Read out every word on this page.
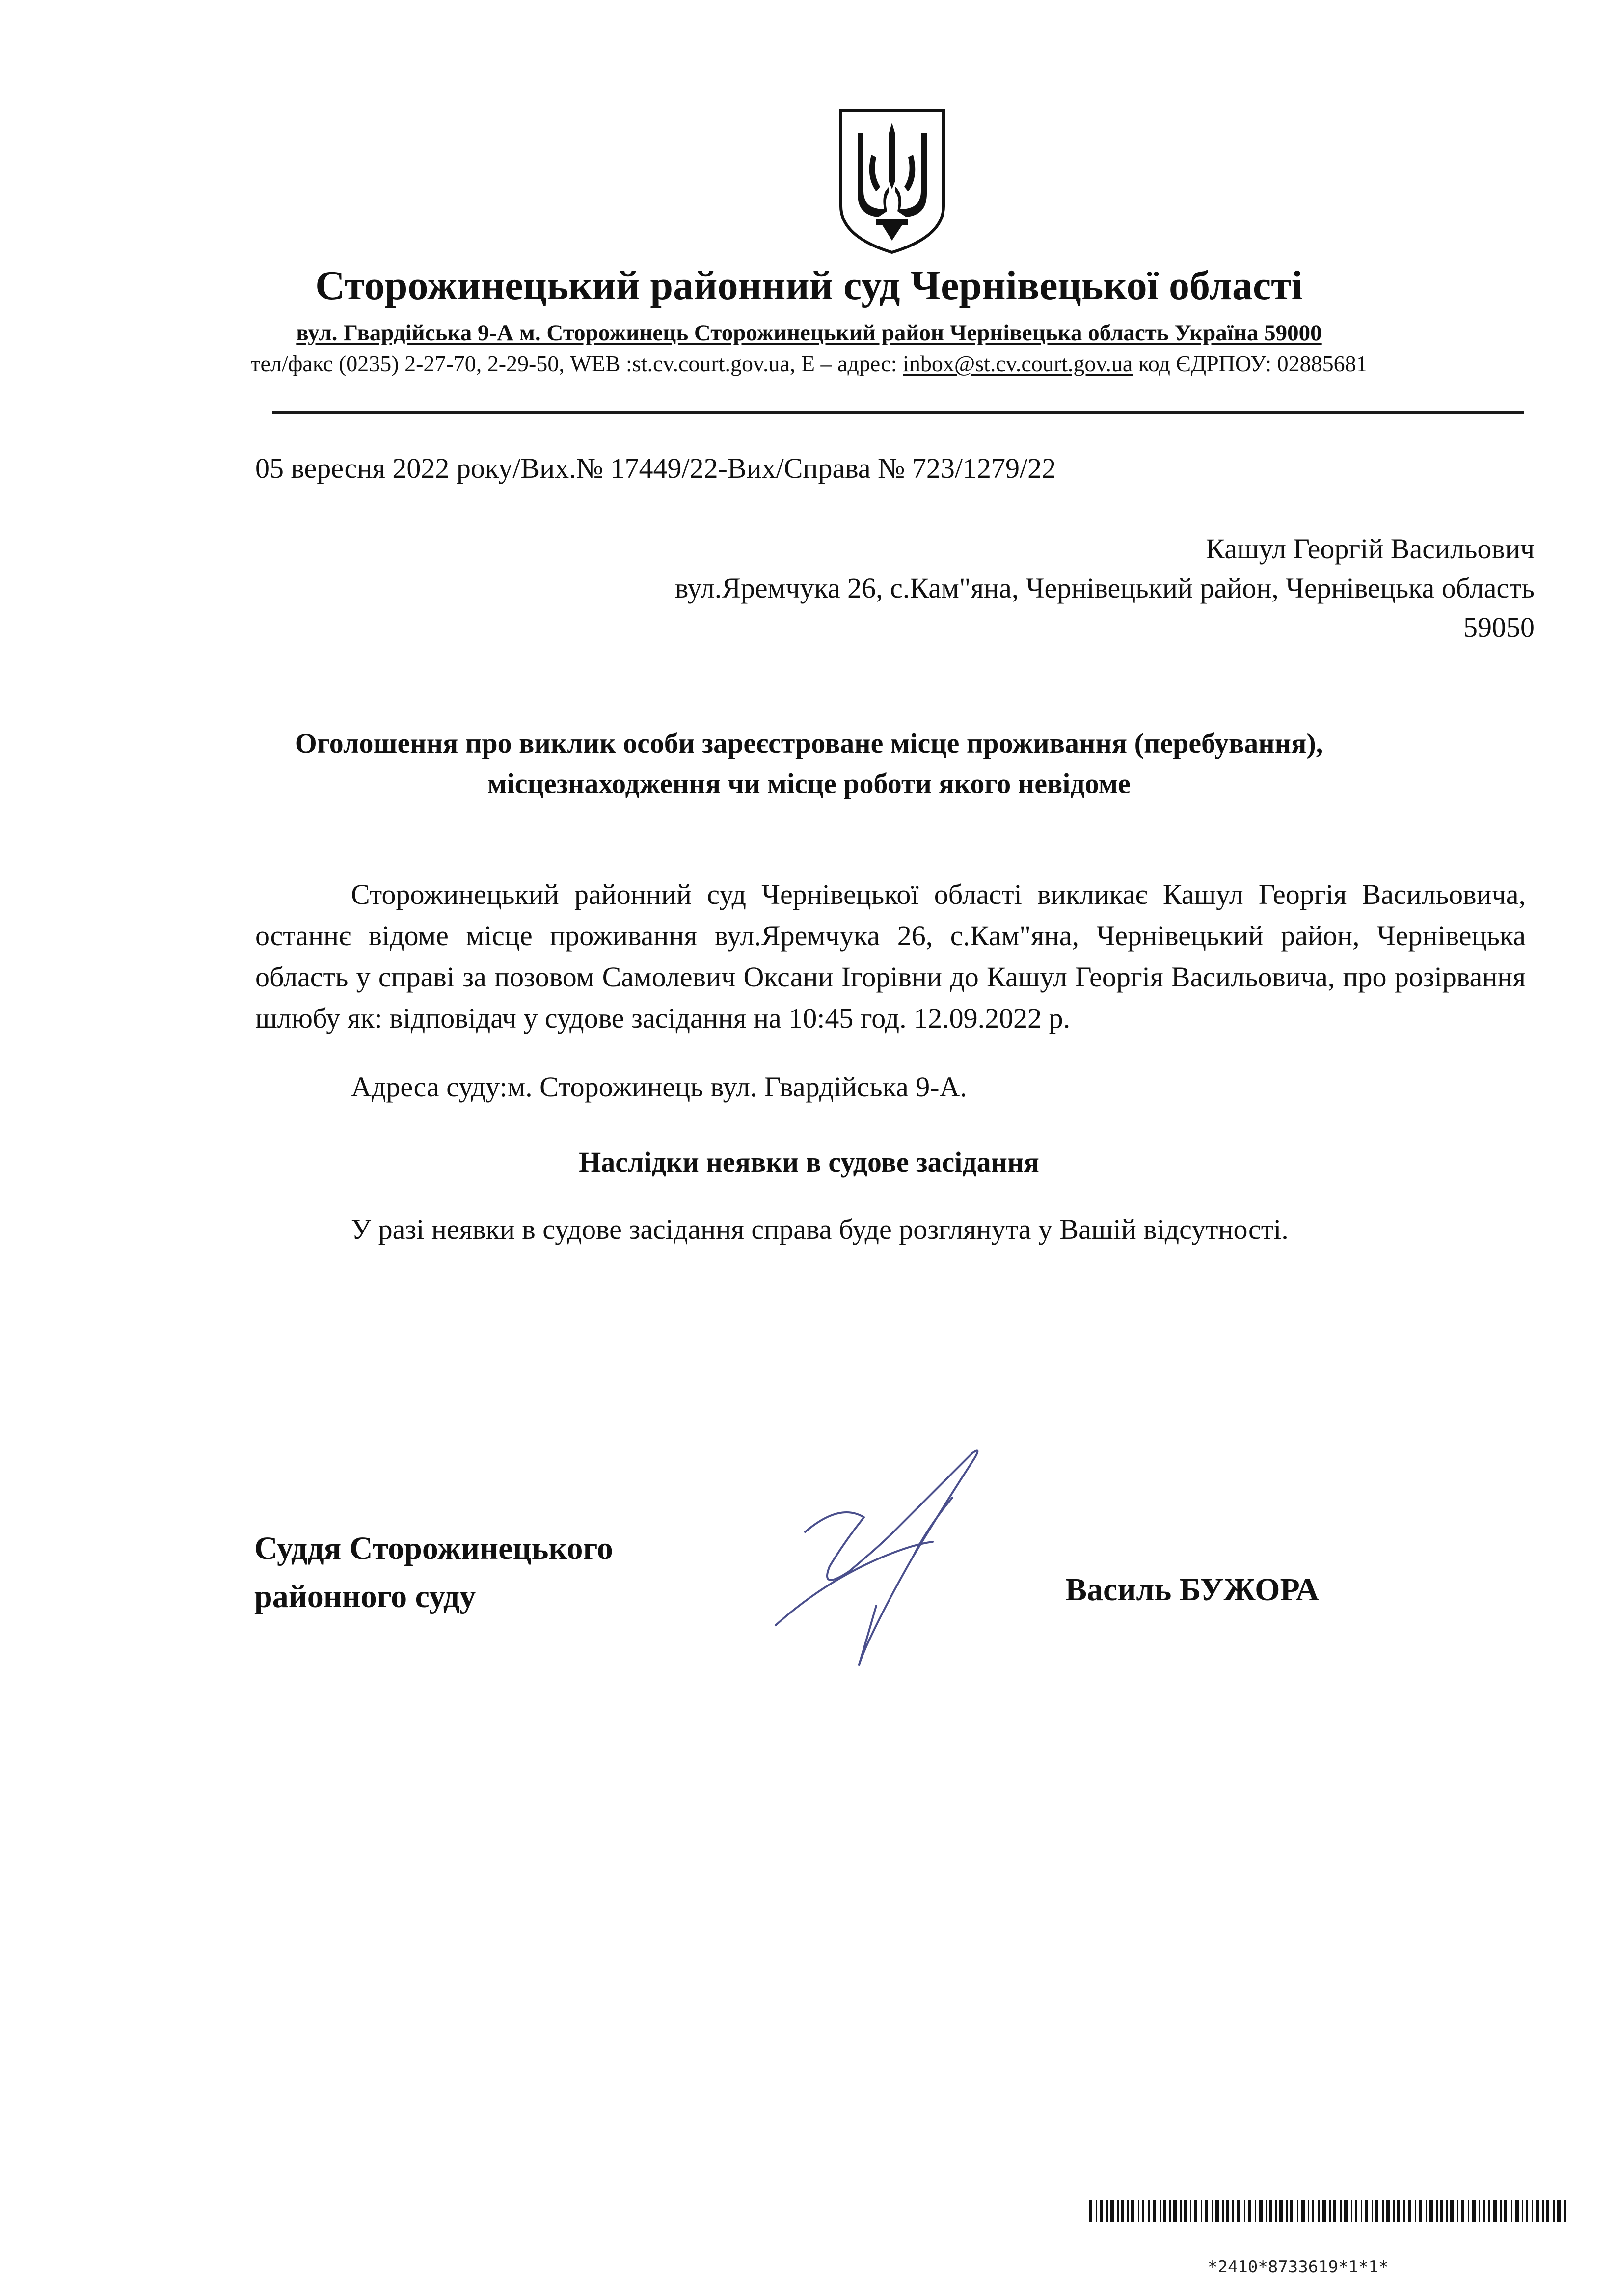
Сторожинецький районний суд Чернівецької області
вул. Гвардійська 9-А м. Сторожинець Сторожинецький район Чернівецька область Україна 59000
тел/факс (0235) 2-27-70, 2-29-50, WEB :st.cv.court.gov.ua, E – адрес: inbox@st.cv.court.gov.ua код ЄДРПОУ: 02885681
05 вересня 2022 року/Вих.№ 17449/22-Вих/Справа № 723/1279/22
Кашул Георгій Васильович
вул.Яремчука 26, с.Кам"яна, Чернівецький район, Чернівецька область
59050
Оголошення про виклик особи зареєстроване місце проживання (перебування),
місцезнаходження чи місце роботи якого невідоме

Сторожинецький районний суд Чернівецької області викликає Кашул Георгія Васильовича, останнє відоме місце проживання вул.Яремчука 26, с.Кам"яна, Чернівецький район, Чернівецька область у справі за позовом Самолевич Оксани Ігорівни до Кашул Георгія Васильовича, про розірвання шлюбу як: відповідач у судове засідання на 10:45 год. 12.09.2022 р.

Адреса суду:м. Сторожинець вул. Гвардійська 9-А.
Наслідки неявки в судове засідання
У разі неявки в судове засідання справа буде розглянута у Вашій відсутності.
Суддя Сторожинецького
районного суду	Василь БУЖОРА
*2410*8733619*1*1*
